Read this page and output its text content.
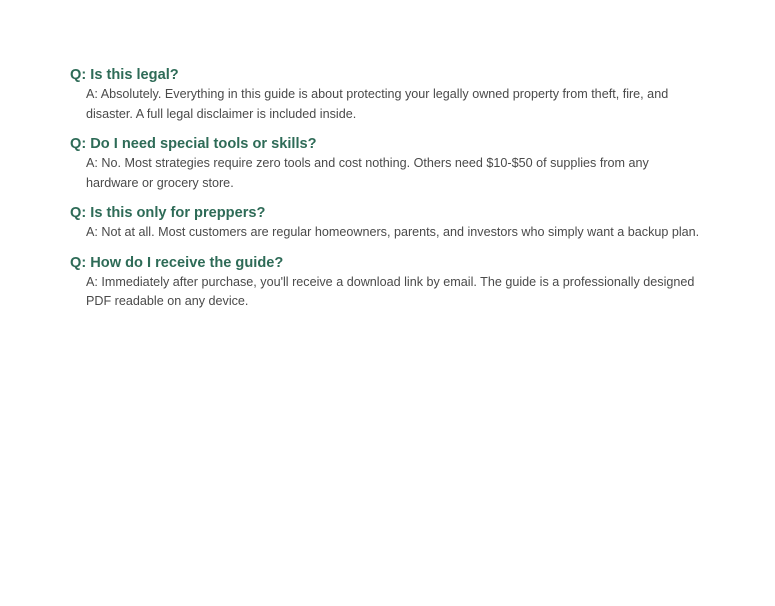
Q: Is this legal?

A: Absolutely. Everything in this guide is about protecting your legally owned property from theft, fire, and disaster. A full legal disclaimer is included inside.

Q: Do I need special tools or skills?

A: No. Most strategies require zero tools and cost nothing. Others need $10-$50 of supplies from any hardware or grocery store.

Q: Is this only for preppers?

A: Not at all. Most customers are regular homeowners, parents, and investors who simply want a backup plan.

Q: How do I receive the guide?

A: Immediately after purchase, you'll receive a download link by email. The guide is a professionally designed PDF readable on any device.
